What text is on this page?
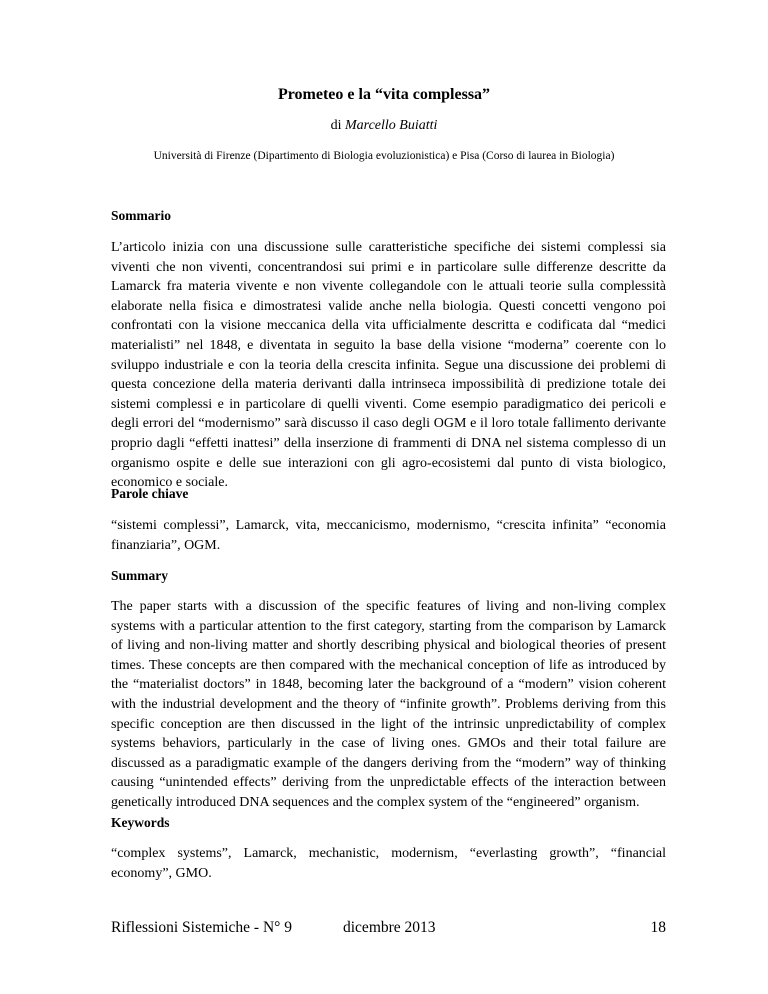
Prometeo e la “vita complessa”
di Marcello Buiatti
Università di Firenze (Dipartimento di Biologia evoluzionistica) e Pisa (Corso di laurea in Biologia)
Sommario
L’articolo inizia con una discussione sulle caratteristiche specifiche dei sistemi complessi sia viventi che non viventi, concentrandosi sui primi e in particolare sulle differenze descritte da Lamarck fra materia vivente e non vivente collegandole con le attuali teorie sulla complessità elaborate nella fisica e dimostratesi valide anche nella biologia. Questi concetti vengono poi confrontati con la visione meccanica della vita ufficialmente descritta e codificata dal “medici materialisti” nel 1848, e diventata in seguito la base della visione “moderna” coerente con lo sviluppo industriale e con la teoria della crescita infinita. Segue una discussione dei problemi di questa concezione della materia derivanti dalla intrinseca impossibilità di predizione totale dei sistemi complessi e in particolare di quelli viventi. Come esempio paradigmatico dei pericoli e degli errori del “modernismo” sarà discusso il caso degli OGM e il loro totale fallimento derivante proprio dagli “effetti inattesi” della inserzione di frammenti di DNA nel sistema complesso di un organismo ospite e delle sue interazioni con gli agro-ecosistemi dal punto di vista biologico, economico e sociale.
Parole chiave
“sistemi complessi”, Lamarck, vita, meccanicismo, modernismo, “crescita infinita” “economia finanziaria”, OGM.
Summary
The paper starts with a discussion of the specific features of living and non-living complex systems with a particular attention to the first category, starting from the comparison by Lamarck of living and non-living matter and shortly describing physical and biological theories of present times. These concepts are then compared with the mechanical conception of life as introduced by the “materialist doctors” in 1848, becoming later the background of a “modern” vision coherent with the industrial development and the theory of “infinite growth”. Problems deriving from this specific conception are then discussed in the light of the intrinsic unpredictability of complex systems behaviors, particularly in the case of living ones. GMOs and their total failure are discussed as a paradigmatic example of the dangers deriving from the “modern” way of thinking causing “unintended effects” deriving from the unpredictable effects of the interaction between genetically introduced DNA sequences and the complex system of the “engineered” organism.
Keywords
“complex systems”, Lamarck, mechanistic, modernism, “everlasting growth”, “financial economy”, GMO.
Riflessioni Sistemiche - N° 9	dicembre 2013	18
